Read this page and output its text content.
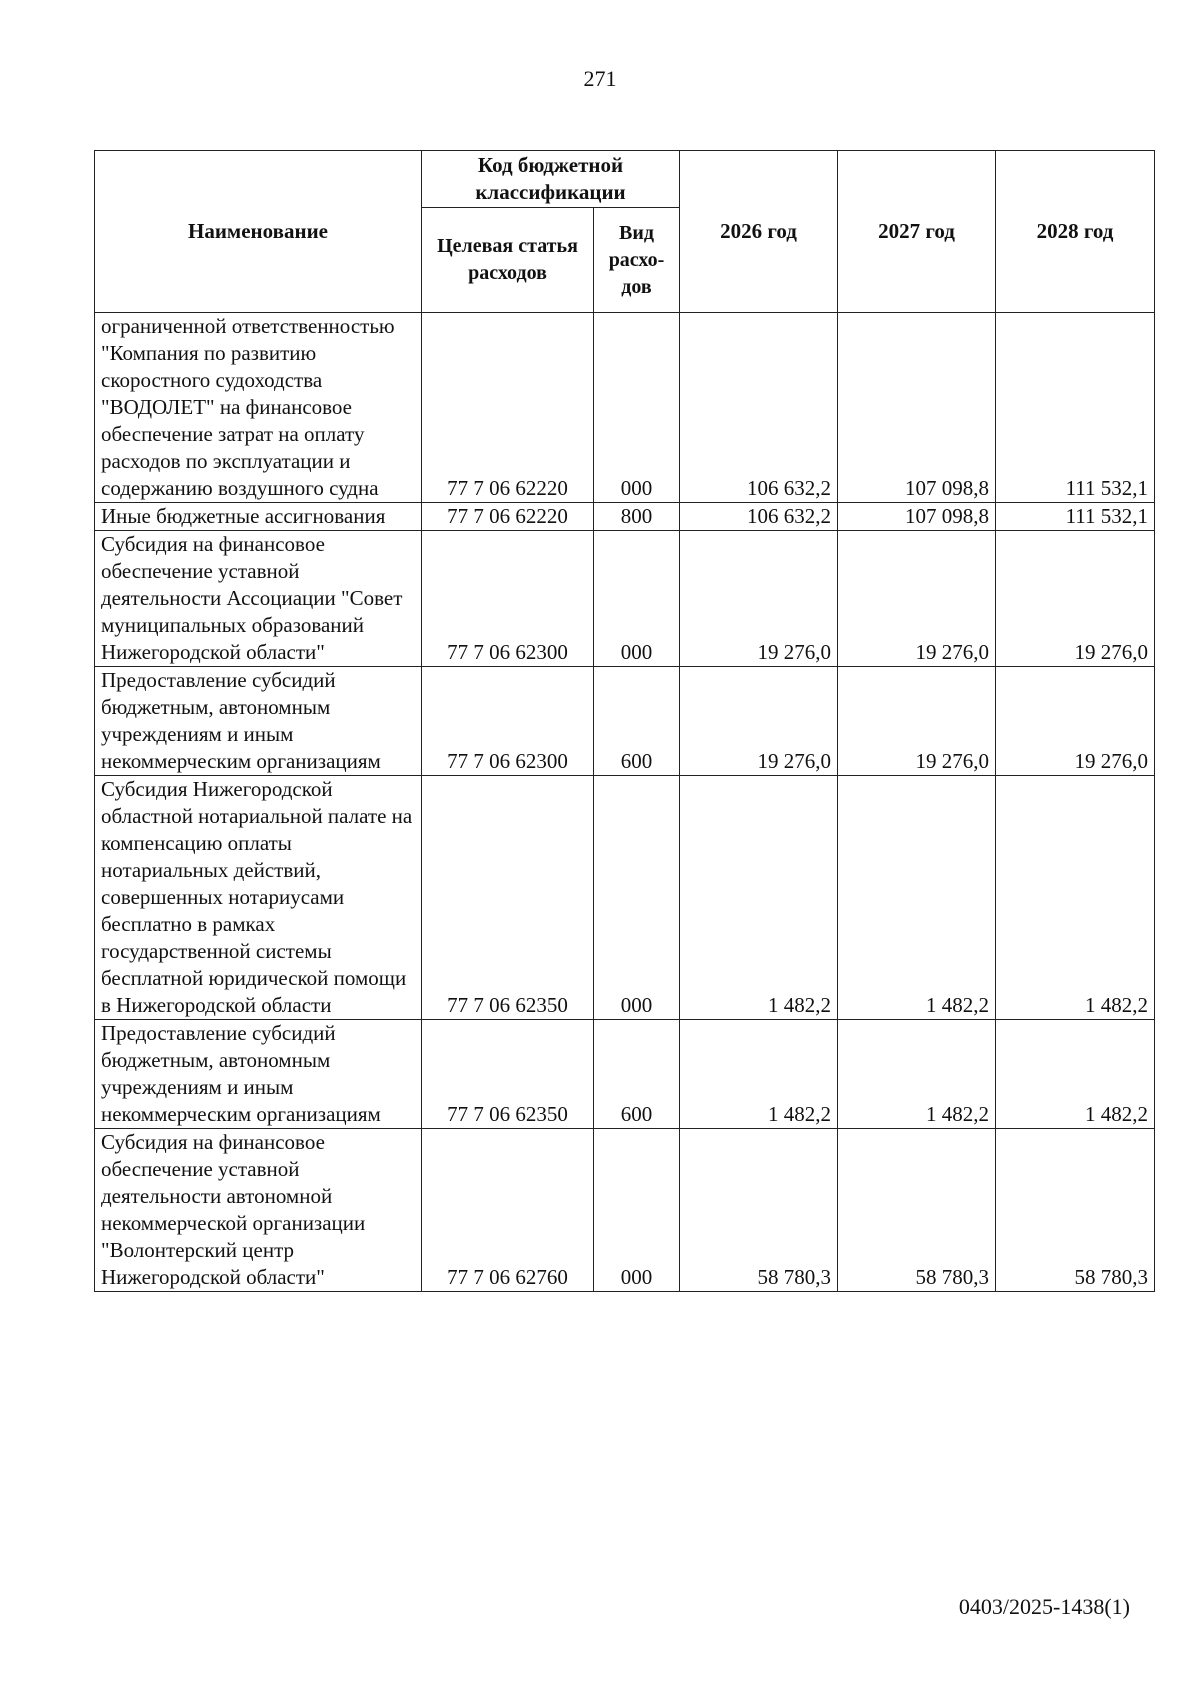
271
Наименование	Код бюджетной классификации		2026 год	2027 год	2028 год
	Целевая статья расходов	Вид расхо-дов			
ограниченной ответственностью "Компания по развитию скоростного судоходства "ВОДОЛЕТ" на финансовое обеспечение затрат на оплату расходов по эксплуатации и содержанию воздушного судна	77 7 06 62220	000	106 632,2	107 098,8	111 532,1
Иные бюджетные ассигнования	77 7 06 62220	800	106 632,2	107 098,8	111 532,1
Субсидия на финансовое обеспечение уставной деятельности Ассоциации "Совет муниципальных образований Нижегородской области"	77 7 06 62300	000	19 276,0	19 276,0	19 276,0
Предоставление субсидий бюджетным, автономным учреждениям и иным некоммерческим организациям	77 7 06 62300	600	19 276,0	19 276,0	19 276,0
Субсидия Нижегородской областной нотариальной палате на компенсацию оплаты нотариальных действий, совершенных нотариусами бесплатно в рамках государственной системы бесплатной юридической помощи в Нижегородской области	77 7 06 62350	000	1 482,2	1 482,2	1 482,2
Предоставление субсидий бюджетным, автономным учреждениям и иным некоммерческим организациям	77 7 06 62350	600	1 482,2	1 482,2	1 482,2
Субсидия на финансовое обеспечение уставной деятельности автономной некоммерческой организации "Волонтерский центр Нижегородской области"	77 7 06 62760	000	58 780,3	58 780,3	58 780,3
0403/2025-1438(1)
